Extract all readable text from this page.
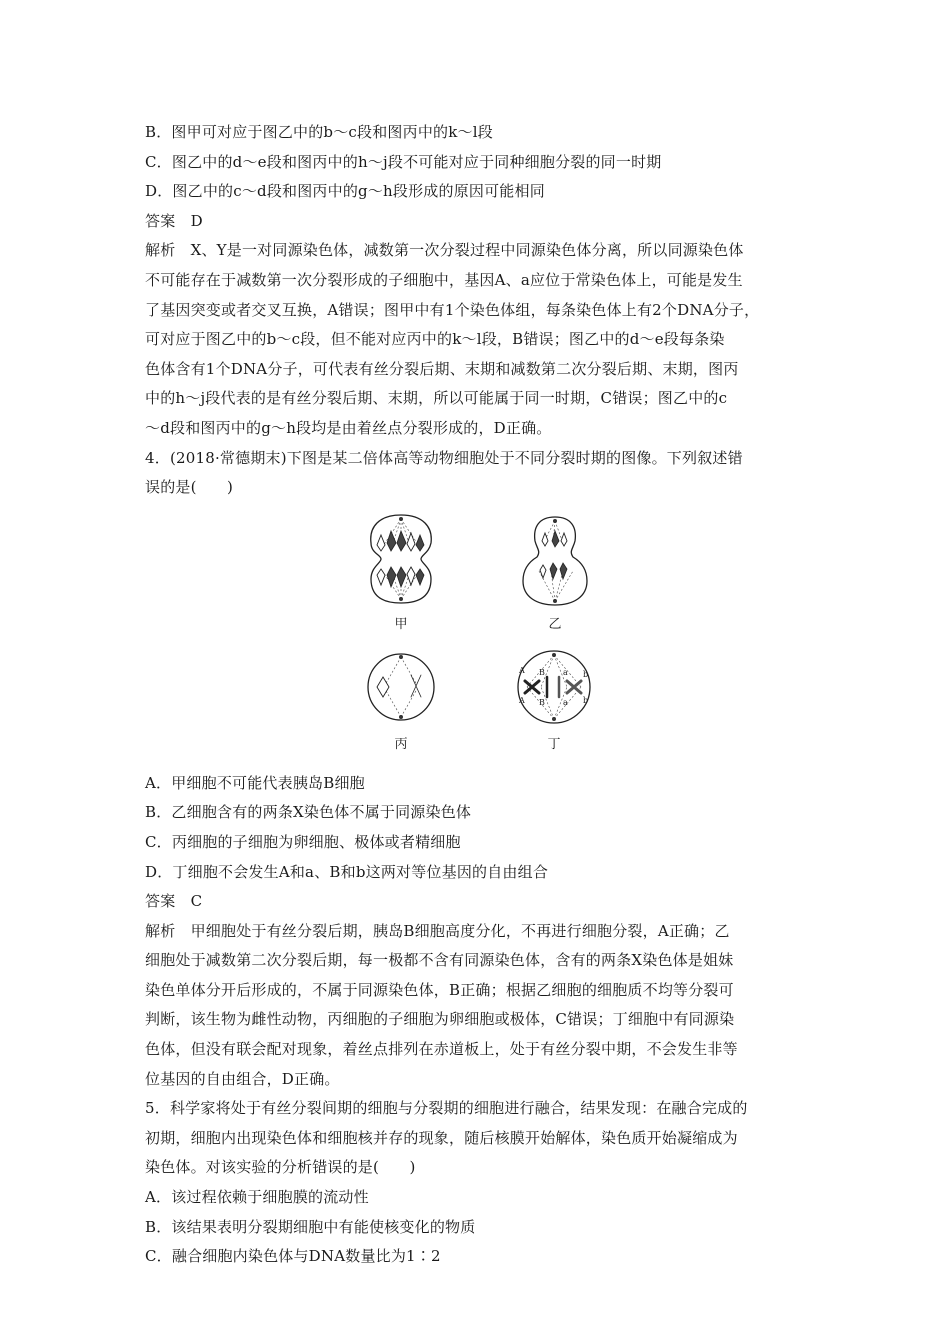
B．图甲可对应于图乙中的b～c段和图丙中的k～l段
C．图乙中的d～e段和图丙中的h～j段不可能对应于同种细胞分裂的同一时期
D．图乙中的c～d段和图丙中的g～h段形成的原因可能相同
答案　D
解析　X、Y是一对同源染色体，减数第一次分裂过程中同源染色体分离，所以同源染色体
不可能存在于减数第一次分裂形成的子细胞中，基因A、a应位于常染色体上，可能是发生
了基因突变或者交叉互换，A错误；图甲中有1个染色体组，每条染色体上有2个DNA分子，
可对应于图乙中的b～c段，但不能对应丙中的k～l段，B错误；图乙中的d～e段每条染
色体含有1个DNA分子，可代表有丝分裂后期、末期和减数第二次分裂后期、末期，图丙
中的h～j段代表的是有丝分裂后期、末期，所以可能属于同一时期，C错误；图乙中的c
～d段和图丙中的g～h段均是由着丝点分裂形成的，D正确。
4．(2018·常德期末)下图是某二倍体高等动物细胞处于不同分裂时期的图像。下列叙述错
误的是(　　)
甲	乙
丙
A B a b
A B a b
丁
A．甲细胞不可能代表胰岛B细胞
B．乙细胞含有的两条X染色体不属于同源染色体
C．丙细胞的子细胞为卵细胞、极体或者精细胞
D．丁细胞不会发生A和a、B和b这两对等位基因的自由组合
答案　C
解析　甲细胞处于有丝分裂后期，胰岛B细胞高度分化，不再进行细胞分裂，A正确；乙
细胞处于减数第二次分裂后期，每一极都不含有同源染色体，含有的两条X染色体是姐妹
染色单体分开后形成的，不属于同源染色体，B正确；根据乙细胞的细胞质不均等分裂可
判断，该生物为雌性动物，丙细胞的子细胞为卵细胞或极体，C错误；丁细胞中有同源染
色体，但没有联会配对现象，着丝点排列在赤道板上，处于有丝分裂中期，不会发生非等
位基因的自由组合，D正确。
5．科学家将处于有丝分裂间期的细胞与分裂期的细胞进行融合，结果发现：在融合完成的
初期，细胞内出现染色体和细胞核并存的现象，随后核膜开始解体，染色质开始凝缩成为
染色体。对该实验的分析错误的是(　　)
A．该过程依赖于细胞膜的流动性
B．该结果表明分裂期细胞中有能使核变化的物质
C．融合细胞内染色体与DNA数量比为1∶2
